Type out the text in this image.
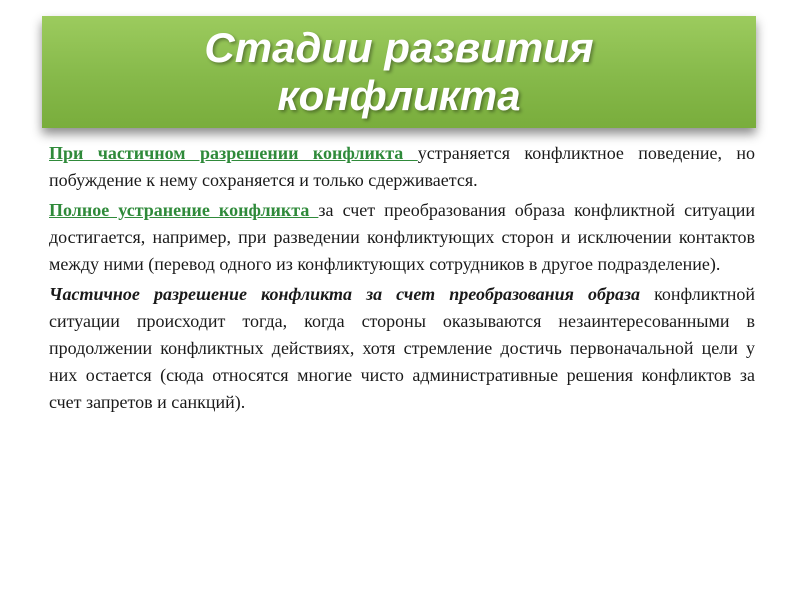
Стадии развития
конфликта

При частичном разрешении конфликта устраняется конфликтное поведение, но побуждение к нему сохраняется и только сдерживается.

Полное устранение конфликта за счет преобразования образа конфликтной ситуации достигается, например, при разведении конфликтующих сторон и исключении контактов между ними (перевод одного из конфликтующих сотрудников в другое подразделение).

Частичное разрешение конфликта за счет преобразования образа конфликтной ситуации происходит тогда, когда стороны оказываются незаинтересованными в продолжении конфликтных действиях, хотя стремление достичь первоначальной цели у них остается (сюда относятся многие чисто административные решения конфликтов за счет запретов и санкций).
